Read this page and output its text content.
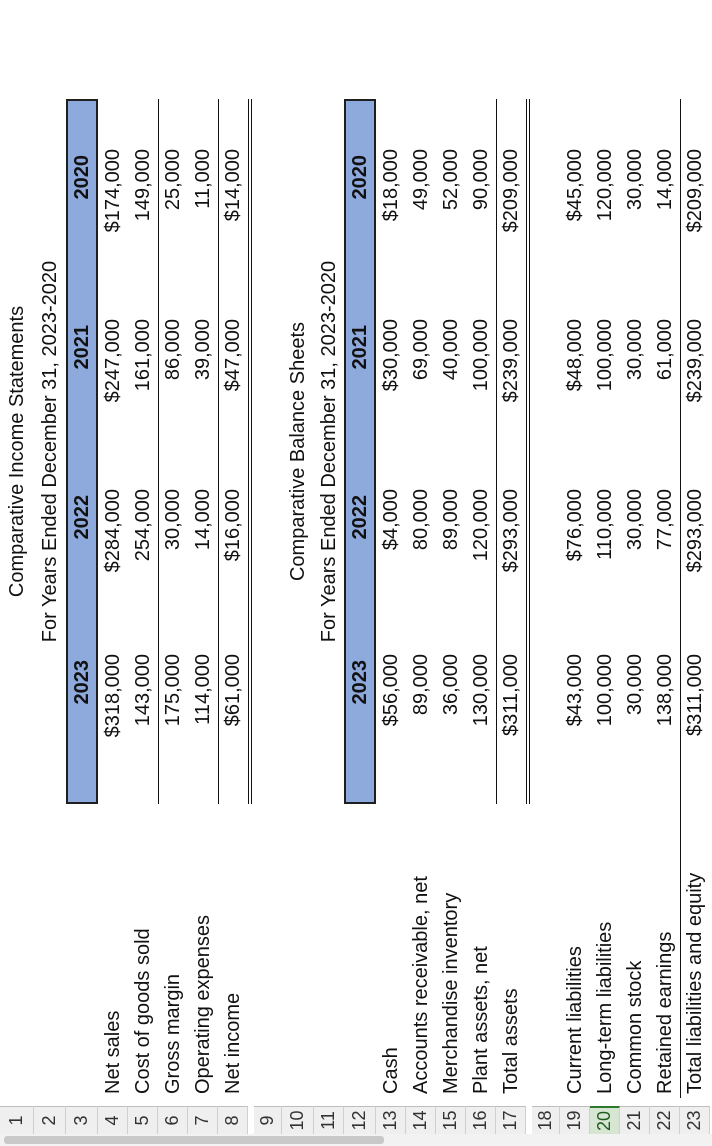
1
Comparative Income Statements
2
For Years Ended December 31, 2023-2020
3
2023
2022
2021
2020
4
Net sales
$318,000
$284,000
$247,000
$174,000
5
Cost of goods sold
143,000
254,000
161,000
149,000
6
Gross margin
175,000
30,000
86,000
25,000
7
Operating expenses
114,000
14,000
39,000
11,000
8
Net income
$61,000
$16,000
$47,000
$14,000
9 10
Comparative Balance Sheets
11
For Years Ended December 31, 2023-2020
12
2023
2022
2021
2020
13
Cash
$56,000
$4,000
$30,000
$18,000
14
Accounts receivable, net
89,000
80,000
69,000
49,000
15
Merchandise inventory
36,000
89,000
40,000
52,000
16
Plant assets, net
130,000
120,000
100,000
90,000
17
Total assets
$311,000
$293,000
$239,000
$209,000
18 19
Current liabilities
$43,000
$76,000
$48,000
$45,000
20
Long-term liabilities
100,000
110,000
100,000
120,000
21
Common stock
30,000
30,000
30,000
30,000
22
Retained earnings
138,000
77,000
61,000
14,000
23
Total liabilities and equity
$311,000
$293,000
$239,000
$209,000
